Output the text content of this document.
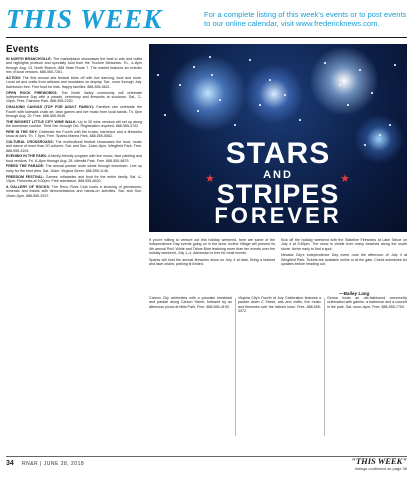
THIS WEEK	For a complete listing of this week's events or to post events to our online calendar, visit www.fredericknews.com.
Events
IN NORTH BRANCHVILLE: The marketplace showcases the best in arts and crafts and highlights produce and specialty food from the Truckee Meadows. Th., 4–8pm through Aug. 13. North Branch, 888 State Route 7. The market features an eclectic mix of local vendors. 888-555-7261.
ACTION: The first annual arts festival kicks off with live dancing, food and more. Local art and crafts from artisans and musicians on display. Sat., noon through July. Admission free. Free food for kids. Happy families. 888-555-3641.
OPEN ROCK FIREWORKS: The North Valley community will celebrate Independence Day with a parade, ceremony and fireworks at sundown. Sat., 2–10pm. Free, Fairview Park, 888-555-2150.
CHALKING CANVAS (TOP FOR ADULT FAMILY): Families can celebrate the Fourth with sidewalk chalk art, lawn games and live music from local bands. Th. 6pm through Aug. 20. Free. 888-555-9046.
THE BIGGEST LITTLE CITY WINE WALK: Up to 30 wine vendors will set up along the downtown corridor. Third Sat. through Oct. Registration required. 888-555-4702.
FIRE IN THE SKY: Celebrate the Fourth with fire trucks, barbecue and a fireworks show at dark. Th. 7-9pm. Free. Sparks Marina Park. 888-555-5582.
CULTURAL CROSSROADS: The multicultural festival showcases the food, music and dance of more than 20 cultures. Sat. and Sun. 11am–6pm. Wingfield Park. Free. 888-555-3109.
EVENING IN THE PARK: A family-friendly program with live music, face painting and food vendors. Fri. 6–8pm through Aug. 28. Idlewild Park. Free. 888-555-8875.
FREED THE PARADE: The annual parade route winds through downtown. Line up early for the best view. Sat. 10am. Virginia Street. 888-555-1146.
FREEDOM FESTIVAL: Games, inflatables and food for the entire family. Sat. 4–10pm. Fireworks at 9:30pm. Free admission. 888-555-6620.
A GALLERY OF ROCKS: The Reno Rock Club hosts a showing of gemstones, minerals and fossils with demonstrations and hands-on activities. Sat. and Sun. 10am–5pm. 888-555-2937.
★	★
STARS
AND
STRIPES
FOREVER

If you're willing to venture out this holiday weekend, here are some of the Independence Day events going on in the area. Incline Village will present its 4th annual Red, White and Tahoe Blue featuring more than ten events over the holiday weekend, July 1–4. Admission is free for most events.

Sparks will host the annual fireworks show on July 4 at dark. Bring a blanket and lawn chairs; parking is limited.

Kick off the holiday weekend with the Stateline Fireworks at Lake Tahoe on July 4 at 9:45pm. The show is visible from many beaches along the south shore. Arrive early to find a spot.

Nevada City's Independence Day event runs the afternoon of July 4 at Wingfield Park. Tickets are available online or at the gate. Check schedules for updates before heading out.

—Bailey Lang
Carson City celebrates with a pancake breakfast and parade along Carson Street, followed by an afternoon picnic at Mills Park. Free. 888-555-4190.
Virginia City's Fourth of July Celebration features a parade down C Street, arts and crafts, live music and fireworks over the historic town. Free. 888-555-3472.
Genoa hosts an old-fashioned community celebration with games, a barbecue and a concert in the park. Sat. noon–6pm. Free. 888-555-7753.
34 RN&R | JUNE 28, 2018	"THIS WEEK"
listings continued on page 36
